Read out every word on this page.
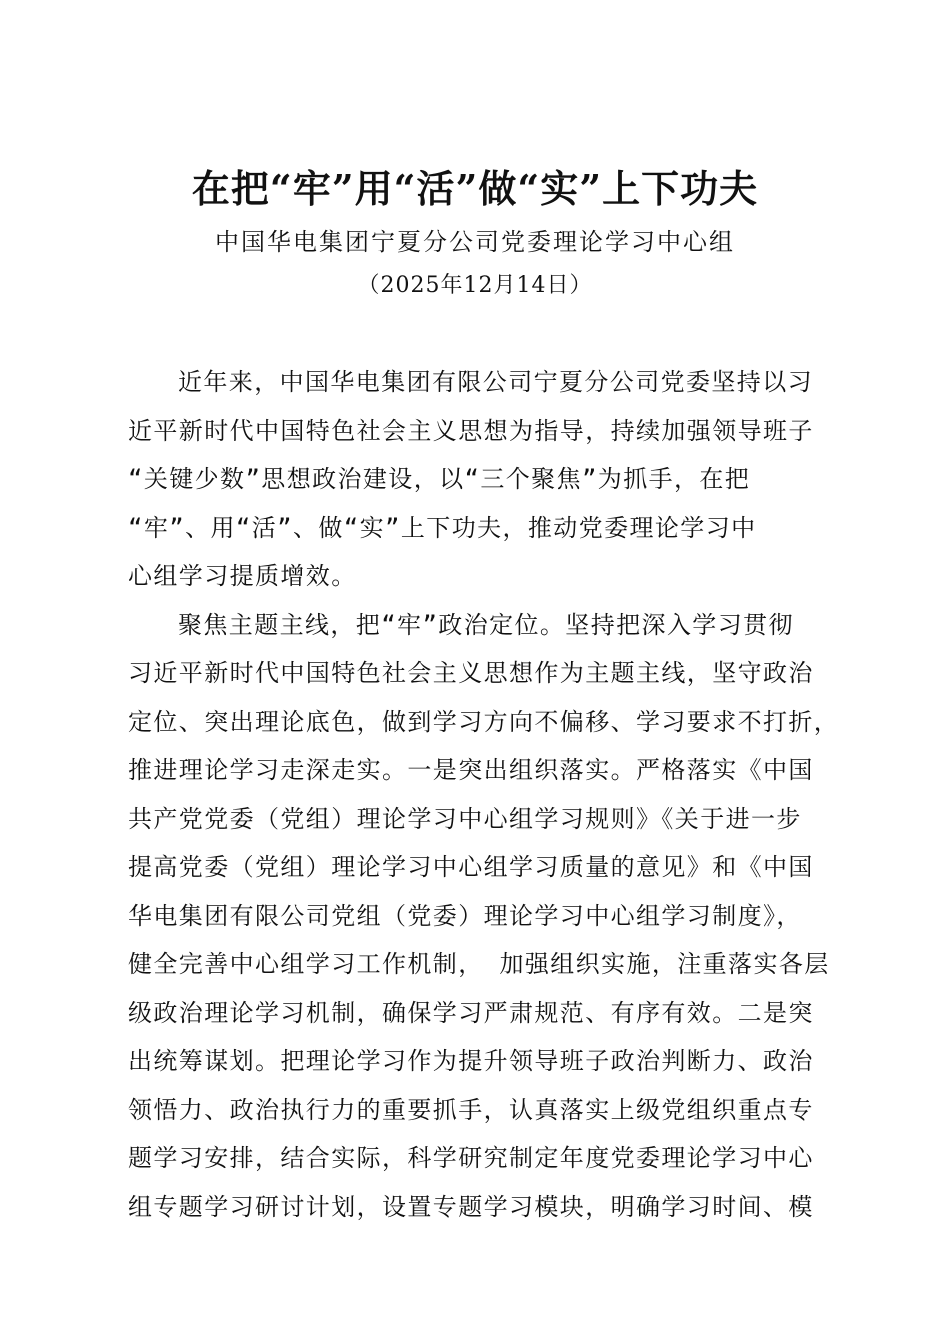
在把“牢”用“活”做“实”上下功夫
中国华电集团宁夏分公司党委理论学习中心组
（2025年12月14日）
近年来，中国华电集团有限公司宁夏分公司党委坚持以习
近平新时代中国特色社会主义思想为指导，持续加强领导班子
“关键少数”思想政治建设，以“三个聚焦”为抓手，在把
“牢”、用“活”、做“实”上下功夫，推动党委理论学习中
心组学习提质增效。
聚焦主题主线，把“牢”政治定位。坚持把深入学习贯彻
习近平新时代中国特色社会主义思想作为主题主线，坚守政治
定位、突出理论底色，做到学习方向不偏移、学习要求不打折，
推进理论学习走深走实。一是突出组织落实。严格落实《中国
共产党党委（党组）理论学习中心组学习规则》《关于进一步
提高党委（党组）理论学习中心组学习质量的意见》和《中国
华电集团有限公司党组（党委）理论学习中心组学习制度》，
健全完善中心组学习工作机制， 加强组织实施，注重落实各层
级政治理论学习机制，确保学习严肃规范、有序有效。二是突
出统筹谋划。把理论学习作为提升领导班子政治判断力、政治
领悟力、政治执行力的重要抓手，认真落实上级党组织重点专
题学习安排，结合实际，科学研究制定年度党委理论学习中心
组专题学习研讨计划，设置专题学习模块，明确学习时间、模
